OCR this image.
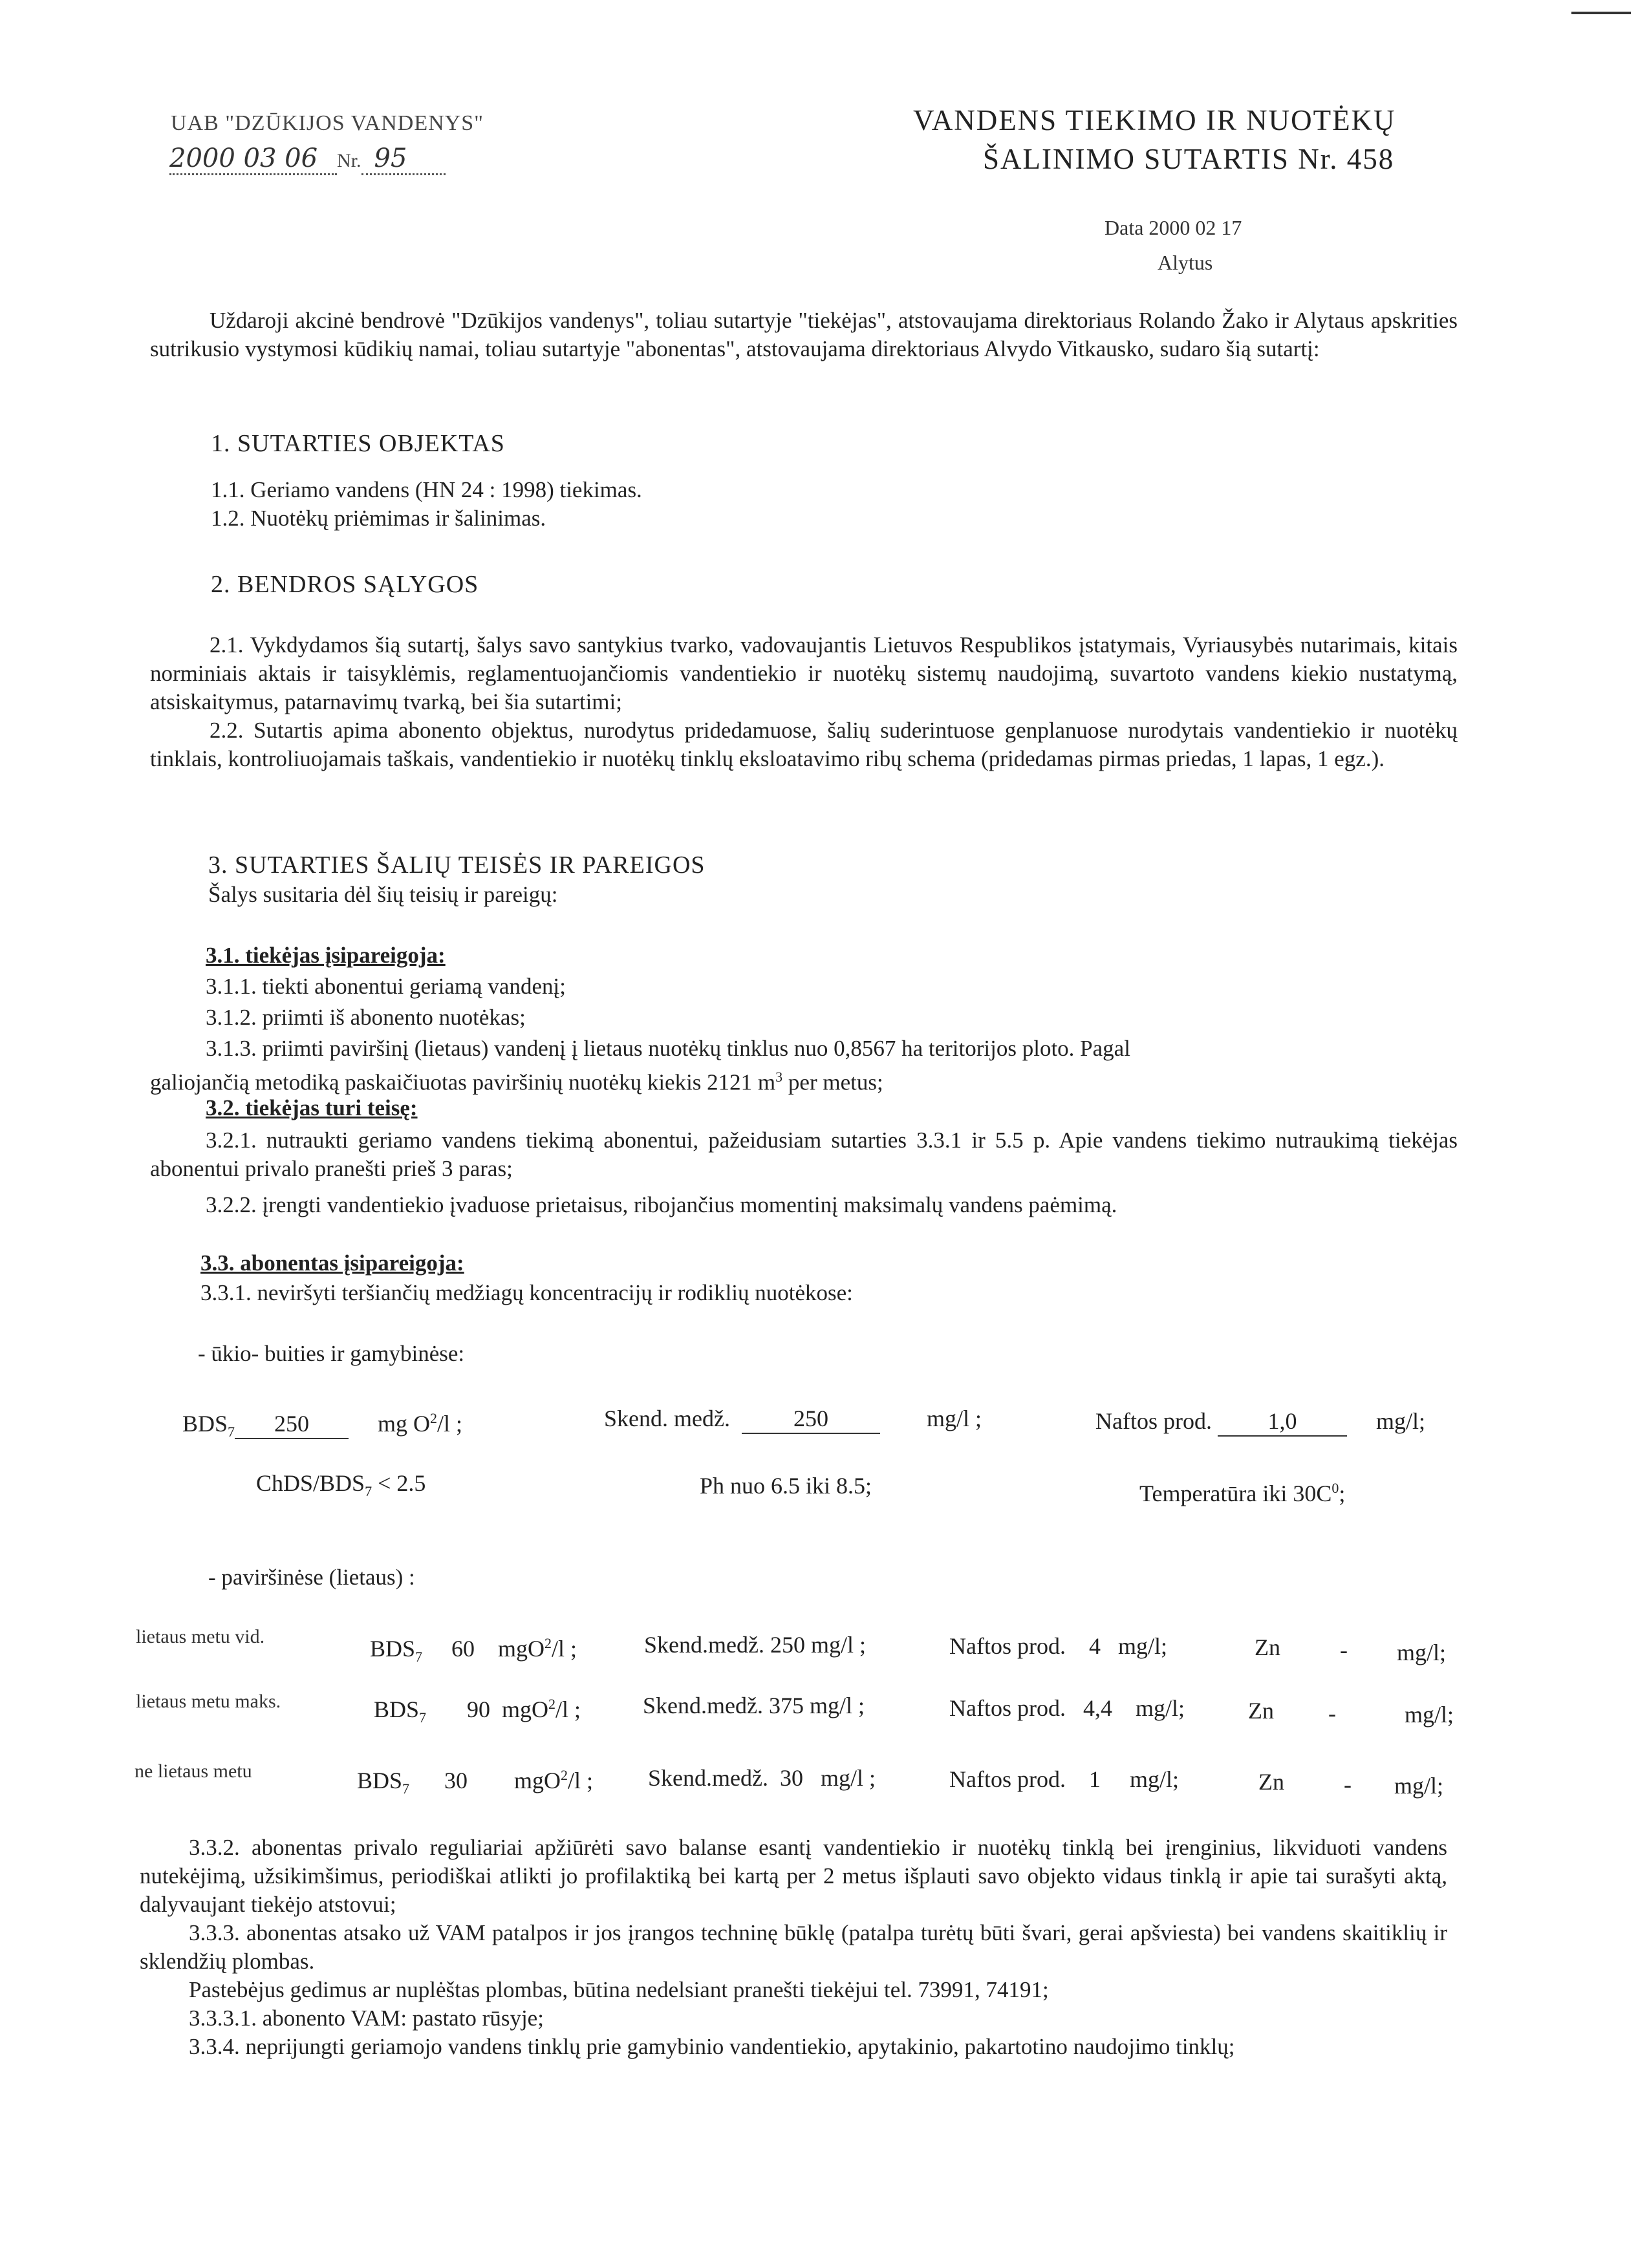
UAB "DZŪKIJOS VANDENYS"
2000 03 06 Nr. 95
VANDENS TIEKIMO IR NUOTĖKŲ
ŠALINIMO SUTARTIS Nr. 458
Data 2000 02 17
Alytus
Uždaroji akcinė bendrovė "Dzūkijos vandenys", toliau sutartyje "tiekėjas", atstovaujama direktoriaus Rolando Žako ir Alytaus apskrities sutrikusio vystymosi kūdikių namai, toliau sutartyje "abonentas", atstovaujama direktoriaus Alvydo Vitkausko, sudaro šią sutartį:
1. SUTARTIES OBJEKTAS
1.1. Geriamo vandens (HN 24 : 1998) tiekimas.
1.2. Nuotėkų priėmimas ir šalinimas.
2. BENDROS SĄLYGOS
2.1. Vykdydamos šią sutartį, šalys savo santykius tvarko, vadovaujantis Lietuvos Respublikos įstatymais, Vyriausybės nutarimais, kitais norminiais aktais ir taisyklėmis, reglamentuojančiomis vandentiekio ir nuotėkų sistemų naudojimą, suvartoto vandens kiekio nustatymą, atsiskaitymus, patarnavimų tvarką, bei šia sutartimi;
2.2. Sutartis apima abonento objektus, nurodytus pridedamuose, šalių suderintuose genplanuose nurodytais vandentiekio ir nuotėkų tinklais, kontroliuojamais taškais, vandentiekio ir nuotėkų tinklų eksloatavimo ribų schema (pridedamas pirmas priedas, 1 lapas, 1 egz.).
3. SUTARTIES ŠALIŲ TEISĖS IR PAREIGOS
Šalys susitaria dėl šių teisių ir pareigų:
3.1. tiekėjas įsipareigoja:
3.1.1. tiekti abonentui geriamą vandenį;
3.1.2. priimti iš abonento nuotėkas;
3.1.3. priimti paviršinį (lietaus) vandenį į lietaus nuotėkų tinklus nuo 0,8567 ha teritorijos ploto. Pagal
galiojančią metodiką paskaičiuotas paviršinių nuotėkų kiekis 2121 $m^3$ per metus;
3.2. tiekėjas turi teisę:
3.2.1. nutraukti geriamo vandens tiekimą abonentui, pažeidusiam sutarties 3.3.1 ir 5.5 p. Apie vandens tiekimo nutraukimą tiekėjas abonentui privalo pranešti prieš 3 paras;
3.2.2. įrengti vandentiekio įvaduose prietaisus, ribojančius momentinį maksimalų vandens paėmimą.
3.3. abonentas įsipareigoja:
3.3.1. neviršyti teršiančių medžiagų koncentracijų ir rodiklių nuotėkose:
- ūkio- buities ir gamybinėse:
$BDS_7$ 250	mg $O^2/l$ ;	Skend. medž.	250	mg/l ;	Naftos prod. 1,0	mg/l;
ChDS/$BDS_7 < 2.5$	Ph nuo 6.5 iki 8.5;	Temperatūra iki $30C^0$;
- paviršinėse (lietaus) :
lietaus metu vid.	$BDS_7$ 60 mgO$^2$/l ;	Skend.medž. 250 mg/l ;	Naftos prod. 4 mg/l;	Zn	- mg/l;
lietaus metu maks.	$BDS_7$ 90 mgO$^2$/l ;	Skend.medž. 375 mg/l ;	Naftos prod. 4,4 mg/l;	Zn -	mg/l;
ne lietaus metu	$BDS_7$ 30 mgO$^2$/l ; Skend.medž.  30   mg/l ;	Naftos prod. 1 mg/l;	Zn	- mg/l;
3.3.2. abonentas privalo reguliariai apžiūrėti savo balanse esantį vandentiekio ir nuotėkų tinklą bei įrenginius, likviduoti vandens nutekėjimą, užsikimšimus, periodiškai atlikti jo profilaktiką bei kartą per 2 metus išplauti savo objekto vidaus tinklą ir apie tai surašyti aktą, dalyvaujant tiekėjo atstovui;
3.3.3. abonentas atsako už VAM patalpos ir jos įrangos techninę būklę (patalpa turėtų būti švari, gerai apšviesta) bei vandens skaitiklių ir sklendžių plombas.
Pastebėjus gedimus ar nuplėštas plombas, būtina nedelsiant pranešti tiekėjui tel. 73991, 74191;
3.3.3.1. abonento VAM: pastato rūsyje;
3.3.4. neprijungti geriamojo vandens tinklų prie gamybinio vandentiekio, apytakinio, pakartotino naudojimo tinklų;
